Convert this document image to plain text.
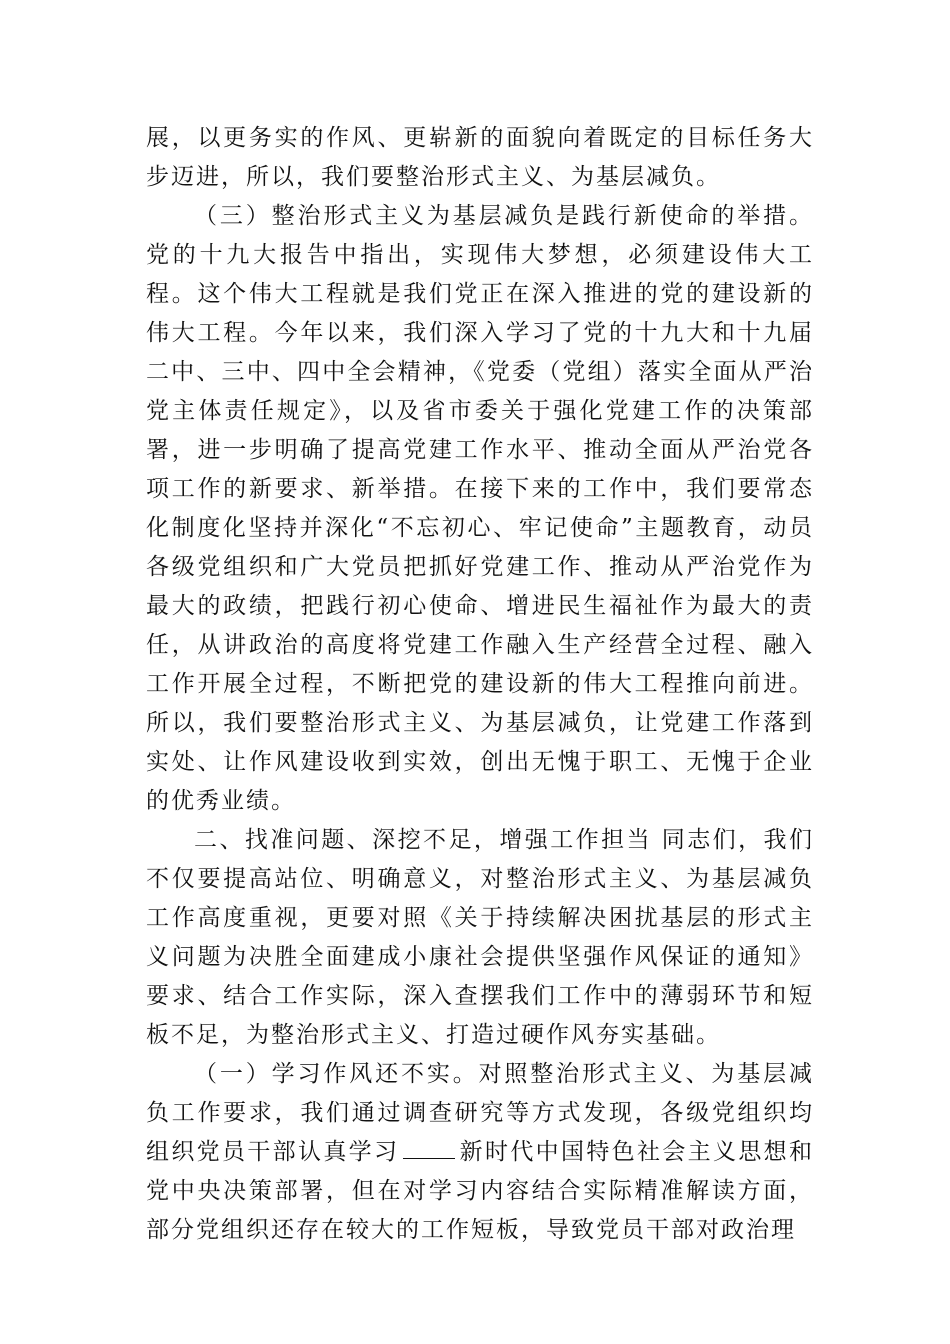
展，以更务实的作风、更崭新的面貌向着既定的目标任务大步迈进，所以，我们要整治形式主义、为基层减负。

（三）整治形式主义为基层减负是践行新使命的举措。党的十九大报告中指出，实现伟大梦想，必须建设伟大工程。这个伟大工程就是我们党正在深入推进的党的建设新的伟大工程。今年以来，我们深入学习了党的十九大和十九届二中、三中、四中全会精神，《党委（党组）落实全面从严治党主体责任规定》，以及省市委关于强化党建工作的决策部署，进一步明确了提高党建工作水平、推动全面从严治党各项工作的新要求、新举措。在接下来的工作中，我们要常态化制度化坚持并深化“不忘初心、牢记使命”主题教育，动员各级党组织和广大党员把抓好党建工作、推动从严治党作为最大的政绩，把践行初心使命、增进民生福祉作为最大的责任，从讲政治的高度将党建工作融入生产经营全过程、融入工作开展全过程，不断把党的建设新的伟大工程推向前进。所以，我们要整治形式主义、为基层减负，让党建工作落到实处、让作风建设收到实效，创出无愧于职工、无愧于企业的优秀业绩。

二、找准问题、深挖不足，增强工作担当 同志们，我们不仅要提高站位、明确意义，对整治形式主义、为基层减负工作高度重视，更要对照《关于持续解决困扰基层的形式主义问题为决胜全面建成小康社会提供坚强作风保证的通知》要求、结合工作实际，深入查摆我们工作中的薄弱环节和短板不足，为整治形式主义、打造过硬作风夯实基础。

（一）学习作风还不实。对照整治形式主义、为基层减负工作要求，我们通过调查研究等方式发现，各级党组织均组织党员干部认真学习	新时代中国特色社会主义思想和党中央决策部署，但在对学习内容结合实际精准解读方面，部分党组织还存在较大的工作短板，导致党员干部对政治理
